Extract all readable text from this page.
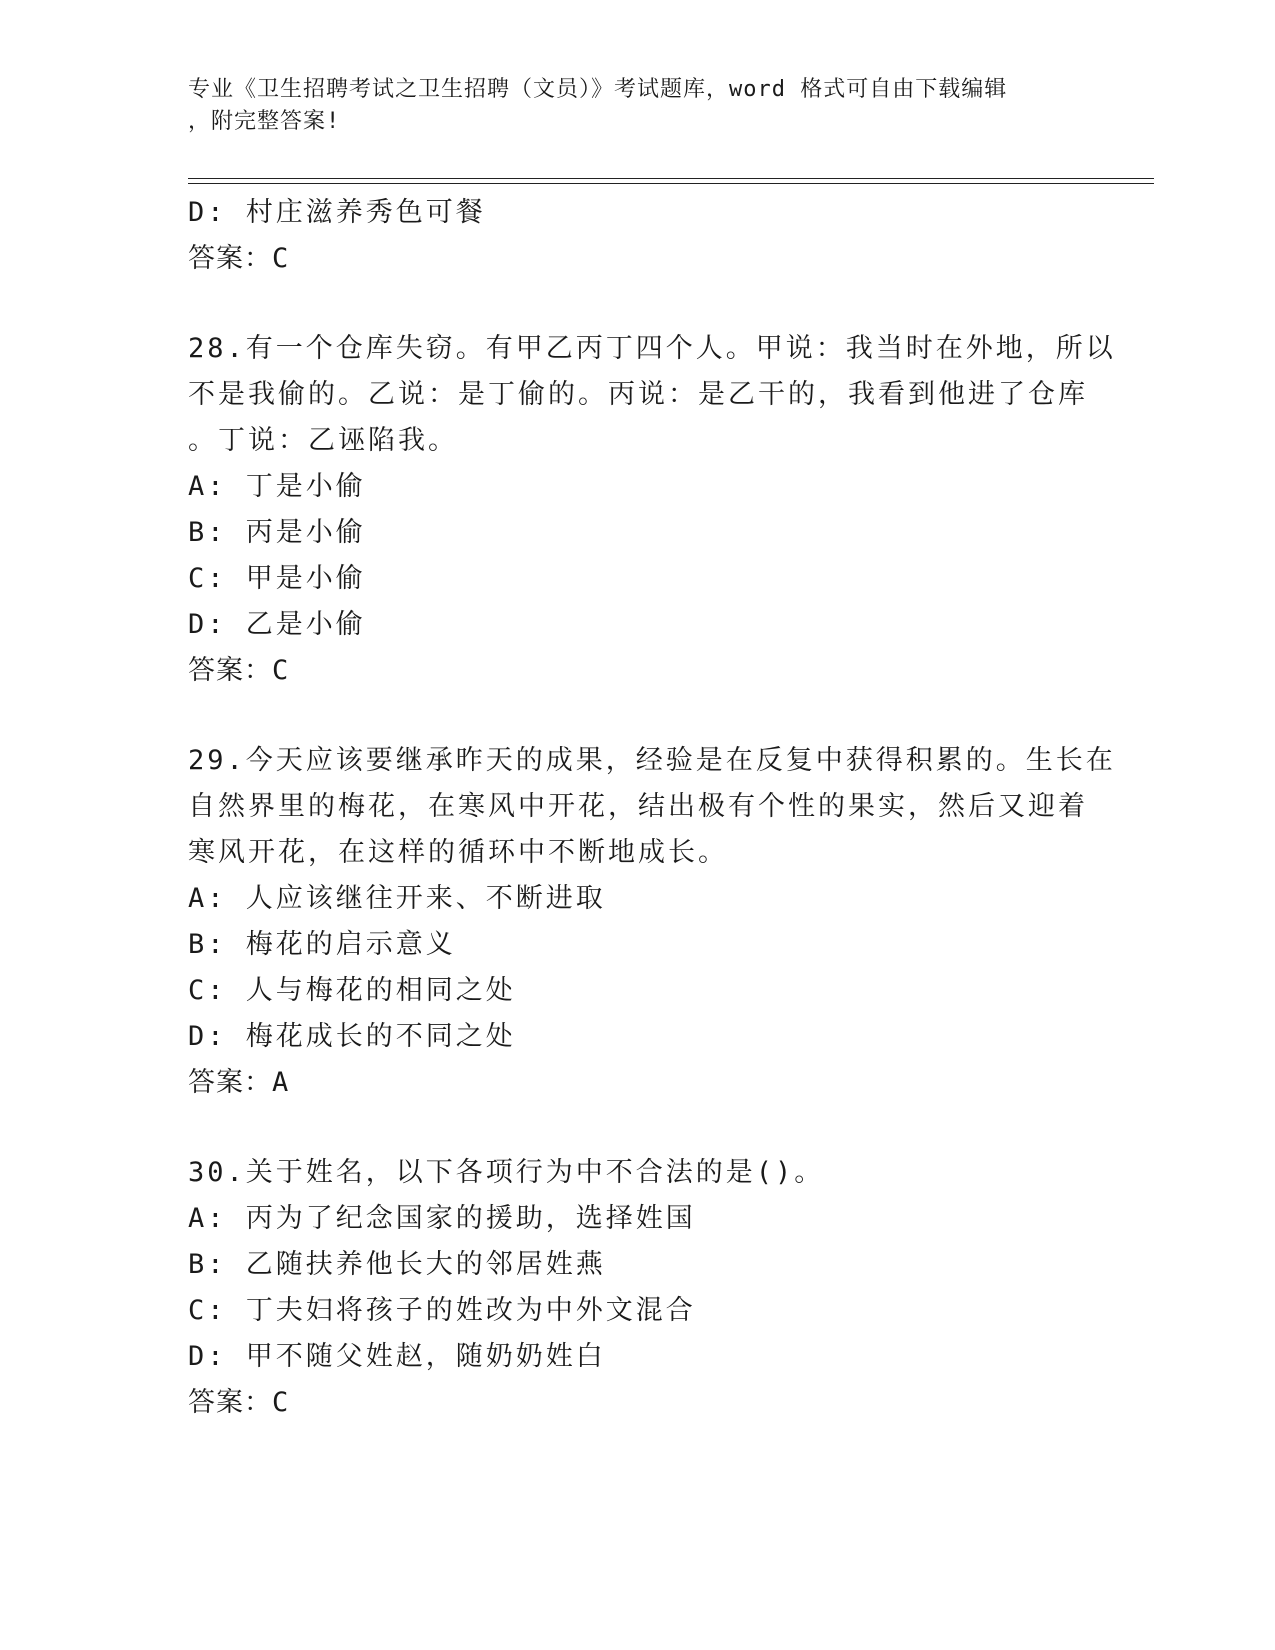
专业《卫生招聘考试之卫生招聘（文员）》考试题库，word 格式可自由下载编辑
，附完整答案!
D: 村庄滋养秀色可餐
答案：C
28.有一个仓库失窃。有甲乙丙丁四个人。甲说：我当时在外地，所以
不是我偷的。乙说：是丁偷的。丙说：是乙干的，我看到他进了仓库
。丁说：乙诬陷我。
A: 丁是小偷
B: 丙是小偷
C: 甲是小偷
D: 乙是小偷
答案：C
29.今天应该要继承昨天的成果，经验是在反复中获得积累的。生长在
自然界里的梅花，在寒风中开花，结出极有个性的果实，然后又迎着
寒风开花，在这样的循环中不断地成长。
A: 人应该继往开来、不断进取
B: 梅花的启示意义
C: 人与梅花的相同之处
D: 梅花成长的不同之处
答案：A
30.关于姓名，以下各项行为中不合法的是()。
A: 丙为了纪念国家的援助，选择姓国
B: 乙随扶养他长大的邻居姓燕
C: 丁夫妇将孩子的姓改为中外文混合
D: 甲不随父姓赵，随奶奶姓白
答案：C
